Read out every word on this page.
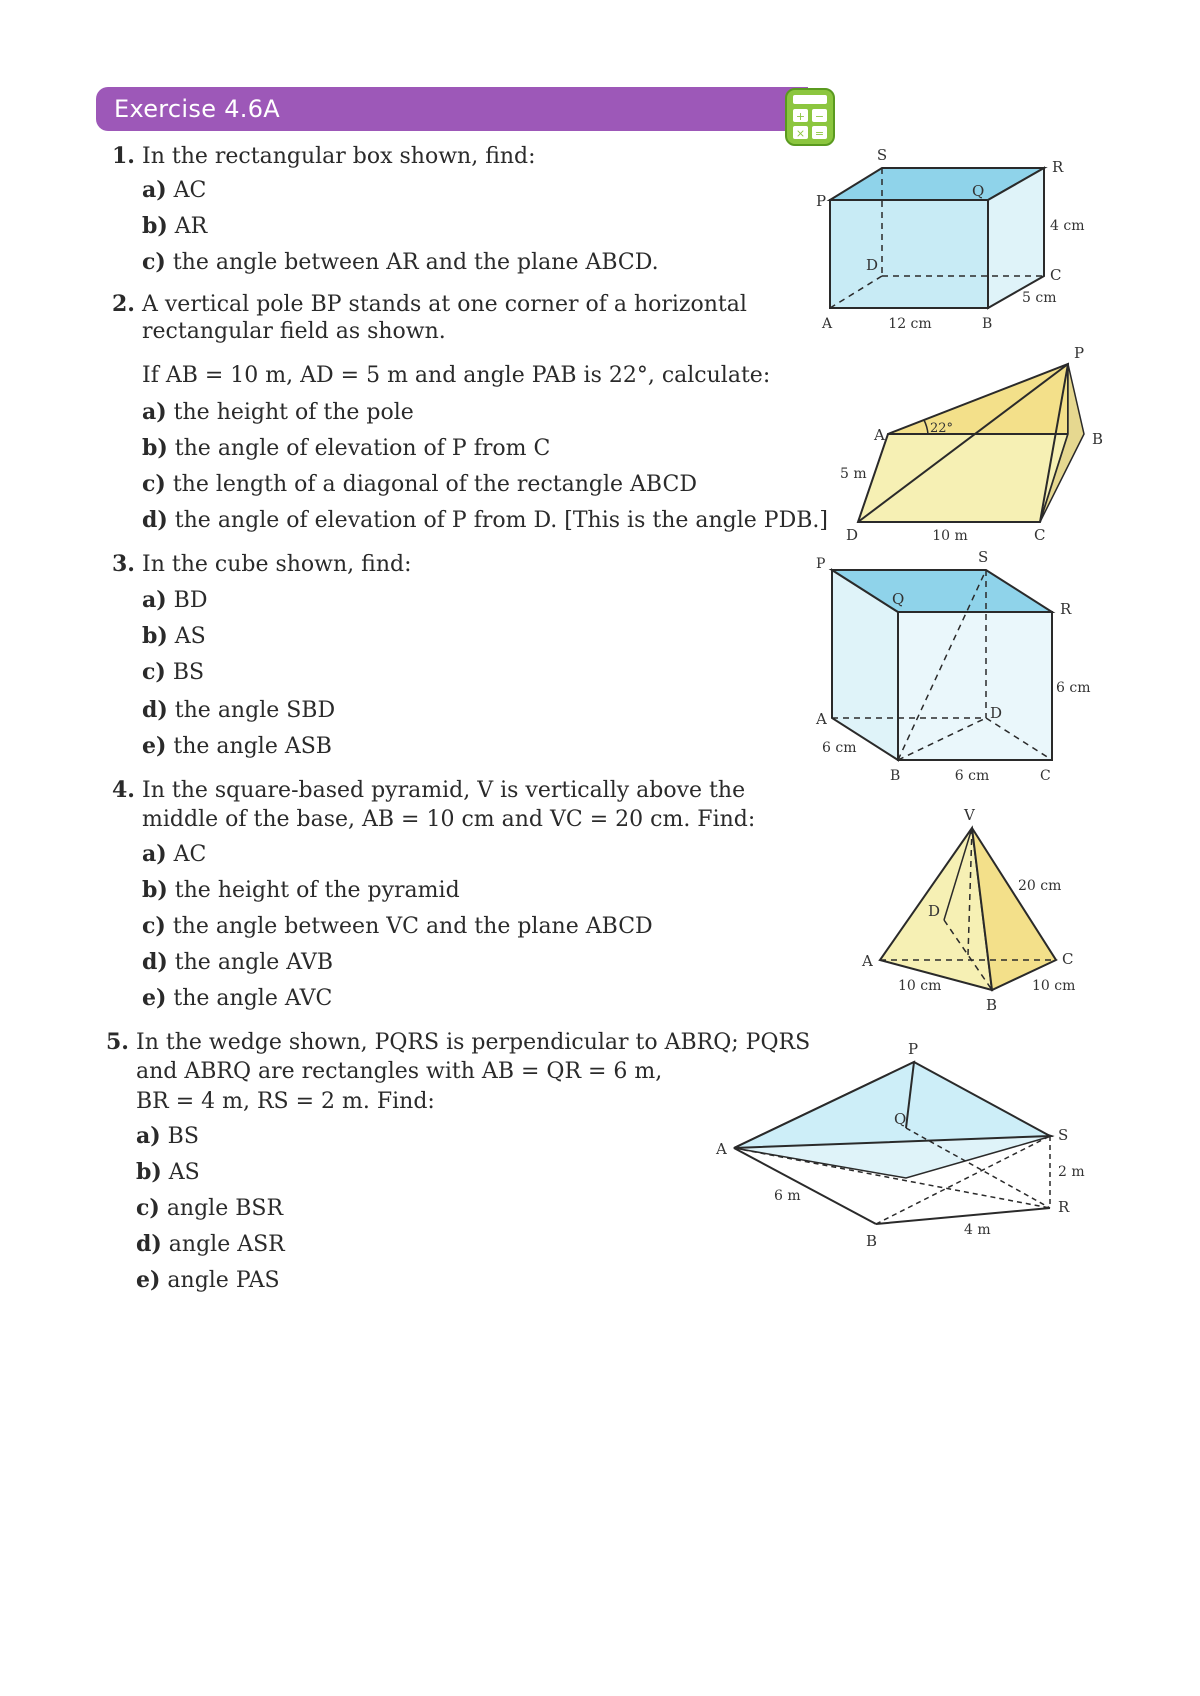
Exercise 4.6A	+ −
× =
1. In the rectangular box shown, find:
a) AC
b) AR
c) the angle between AR and the plane ABCD.
2. A vertical pole BP stands at one corner of a horizontal
rectangular field as shown.
If AB = 10 m, AD = 5 m and angle PAB is 22°, calculate:
a) the height of the pole
b) the angle of elevation of P from C
c) the length of a diagonal of the rectangle ABCD
d) the angle of elevation of P from D. [This is the angle PDB.]
3. In the cube shown, find:
a) BD
b) AS
c) BS
d) the angle SBD
e) the angle ASB
4. In the square-based pyramid, V is vertically above the
middle of the base, AB = 10 cm and VC = 20 cm. Find:
a) AC
b) the height of the pyramid
c) the angle between VC and the plane ABCD
d) the angle AVB
e) the angle AVC
5. In the wedge shown, PQRS is perpendicular to ABRQ; PQRS
and ABRQ are rectangles with AB = QR = 6 m,
BR = 4 m, RS = 2 m. Find:
a) BS
b) AS
c) angle BSR
d) angle ASR
e) angle PAS
S
R
P
Q
D
C
A	B
4 cm
5 cm
12 cm
P
A	B
D	C
22°
5 m
10 m
P	S
Q
R
A	D
B	C
6 cm
6 cm
6 cm
V
D
A	C
B
20 cm
10 cm	10 cm
P
Q
A
S
R
B
6 m
4 m
2 m
